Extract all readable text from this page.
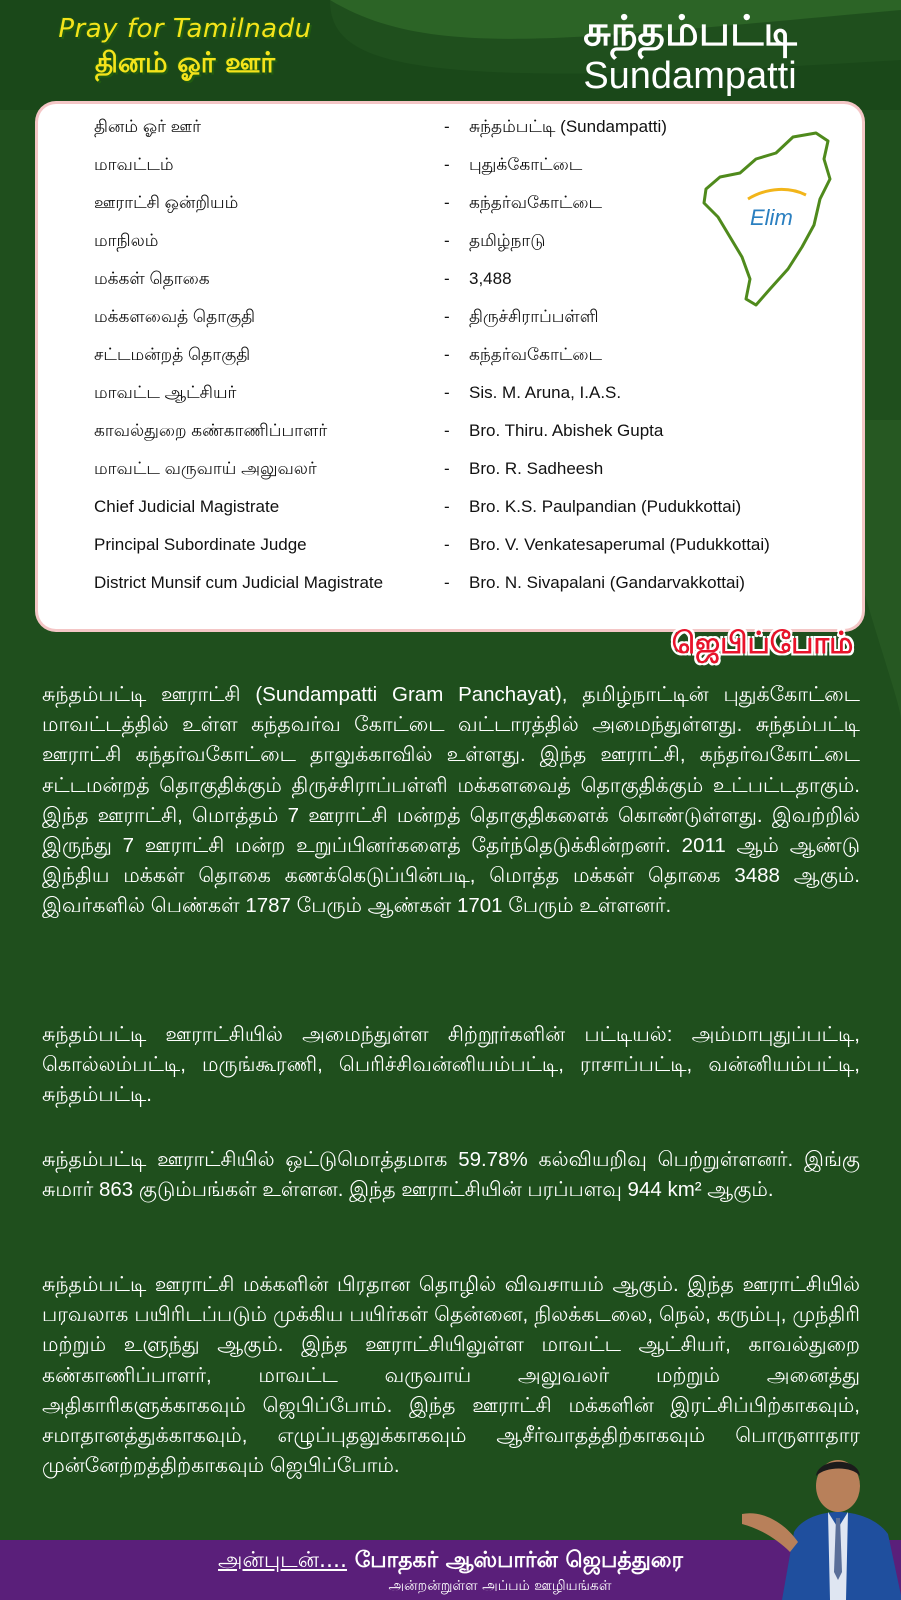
Pray for Tamilnadu
தினம் ஓர் ஊர்
சுந்தம்பட்டி
Sundampatti
தினம் ஓர் ஊர்	- சுந்தம்பட்டி (Sundampatti)
மாவட்டம்	- புதுக்கோட்டை
ஊராட்சி ஒன்றியம்	- கந்தர்வகோட்டை
மாநிலம்	- தமிழ்நாடு
மக்கள் தொகை	- 3,488
மக்களவைத் தொகுதி	- திருச்சிராப்பள்ளி
சட்டமன்றத் தொகுதி	- கந்தர்வகோட்டை
மாவட்ட ஆட்சியர்	- Sis. M. Aruna, I.A.S.
காவல்துறை கண்காணிப்பாளர்	- Bro. Thiru. Abishek Gupta
மாவட்ட வருவாய் அலுவலர்	- Bro. R. Sadheesh
Chief Judicial Magistrate	- Bro. K.S. Paulpandian (Pudukkottai)
Principal Subordinate Judge	- Bro. V. Venkatesaperumal (Pudukkottai)
District Munsif cum Judicial Magistrate	- Bro. N. Sivapalani (Gandarvakkottai)
Elim
ஜெபிப்போம்
சுந்தம்பட்டி ஊராட்சி (Sundampatti Gram Panchayat), தமிழ்நாட்டின் புதுக்கோட்டை மாவட்டத்தில் உள்ள கந்தவர்வ கோட்டை வட்டாரத்தில் அமைந்துள்ளது. சுந்தம்பட்டி ஊராட்சி கந்தர்வகோட்டை தாலுக்காவில் உள்ளது. இந்த ஊராட்சி, கந்தர்வகோட்டை சட்டமன்றத் தொகுதிக்கும் திருச்சிராப்பள்ளி மக்களவைத் தொகுதிக்கும் உட்பட்டதாகும். இந்த ஊராட்சி, மொத்தம் 7 ஊராட்சி மன்றத் தொகுதிகளைக் கொண்டுள்ளது. இவற்றில் இருந்து 7 ஊராட்சி மன்ற உறுப்பினர்களைத் தேர்ந்தெடுக்கின்றனர். 2011 ஆம் ஆண்டு இந்திய மக்கள் தொகை கணக்கெடுப்பின்படி, மொத்த மக்கள் தொகை 3488 ஆகும். இவர்களில் பெண்கள் 1787 பேரும் ஆண்கள் 1701 பேரும் உள்ளனர்.
சுந்தம்பட்டி ஊராட்சியில் அமைந்துள்ள சிற்றூர்களின் பட்டியல்: அம்மாபுதுப்பட்டி, கொல்லம்பட்டி, மருங்கூரணி, பெரிச்சிவன்னியம்பட்டி, ராசாப்பட்டி, வன்னியம்பட்டி, சுந்தம்பட்டி.
சுந்தம்பட்டி ஊராட்சியில் ஒட்டுமொத்தமாக 59.78% கல்வியறிவு பெற்றுள்ளனர். இங்கு சுமார் 863 குடும்பங்கள் உள்ளன. இந்த ஊராட்சியின் பரப்பளவு 944 km² ஆகும்.
சுந்தம்பட்டி ஊராட்சி மக்களின் பிரதான தொழில் விவசாயம் ஆகும். இந்த ஊராட்சியில் பரவலாக பயிரிடப்படும் முக்கிய பயிர்கள் தென்னை, நிலக்கடலை, நெல், கரும்பு, முந்திரி மற்றும் உளுந்து ஆகும். இந்த ஊராட்சியிலுள்ள மாவட்ட ஆட்சியர், காவல்துறை கண்காணிப்பாளர், மாவட்ட வருவாய் அலுவலர் மற்றும் அனைத்து அதிகாரிகளுக்காகவும் ஜெபிப்போம். இந்த ஊராட்சி மக்களின் இரட்சிப்பிற்காகவும், சமாதானத்துக்காகவும், எழுப்புதலுக்காகவும் ஆசீர்வாதத்திற்காகவும் பொருளாதார முன்னேற்றத்திற்காகவும் ஜெபிப்போம்.
அன்புடன்.... போதகர் ஆஸ்பார்ன் ஜெபத்துரை
அன்றன்றுள்ள அப்பம் ஊழியங்கள்
